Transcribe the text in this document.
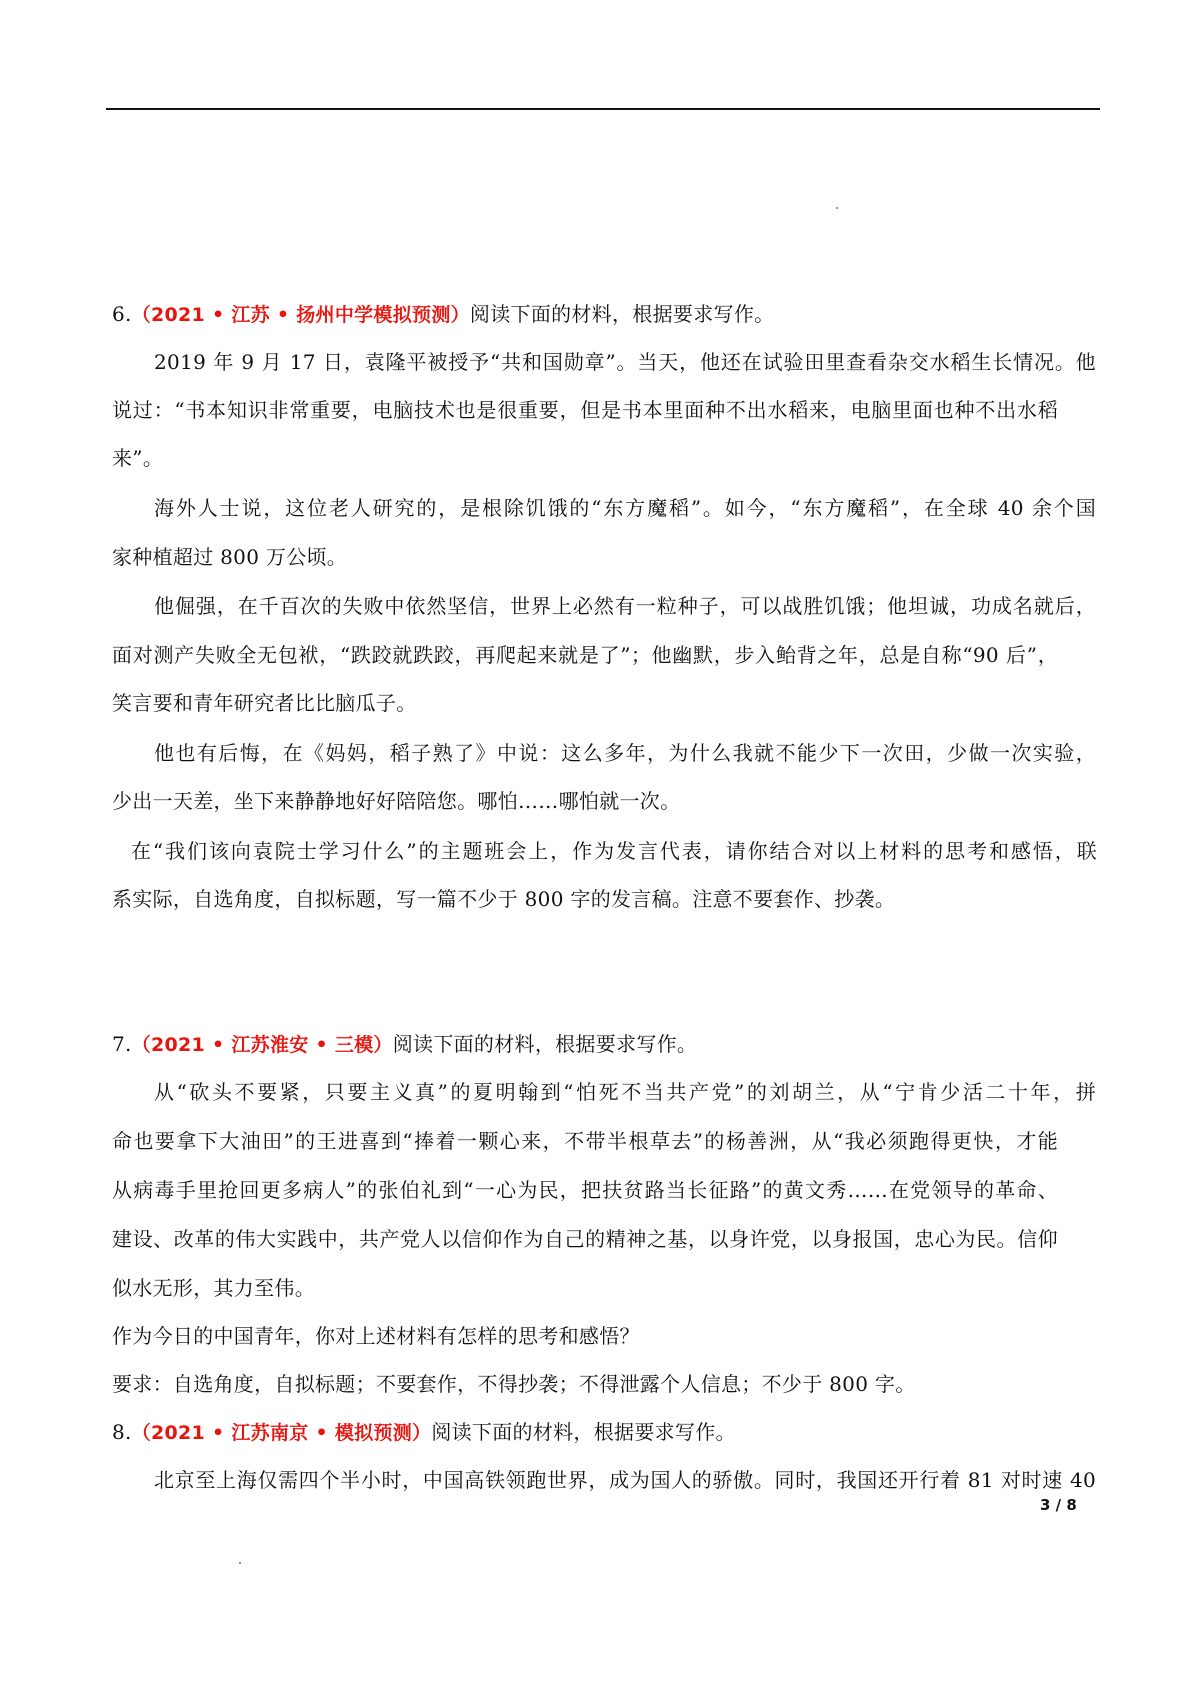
6.（2021 • 江苏 • 扬州中学模拟预测）阅读下面的材料，根据要求写作。
2019 年 9 月 17 日，袁隆平被授予“共和国勋章”。当天，他还在试验田里查看杂交水稻生长情况。他
说过：“书本知识非常重要，电脑技术也是很重要，但是书本里面种不出水稻来，电脑里面也种不出水稻
来”。
海外人士说，这位老人研究的，是根除饥饿的“东方魔稻”。如今，“东方魔稻”，在全球 40 余个国
家种植超过 800 万公顷。
他倔强，在千百次的失败中依然坚信，世界上必然有一粒种子，可以战胜饥饿；他坦诚，功成名就后，
面对测产失败全无包袱，“跌跤就跌跤，再爬起来就是了”；他幽默，步入鲐背之年，总是自称“90 后”，
笑言要和青年研究者比比脑瓜子。
他也有后悔，在《妈妈，稻子熟了》中说：这么多年，为什么我就不能少下一次田，少做一次实验，
少出一天差，坐下来静静地好好陪陪您。哪怕……哪怕就一次。
在“我们该向袁院士学习什么”的主题班会上，作为发言代表，请你结合对以上材料的思考和感悟，联
系实际，自选角度，自拟标题，写一篇不少于 800 字的发言稿。注意不要套作、抄袭。
7.（2021 • 江苏淮安 • 三模）阅读下面的材料，根据要求写作。
从“砍头不要紧，只要主义真”的夏明翰到“怕死不当共产党”的刘胡兰，从“宁肯少活二十年，拼
命也要拿下大油田”的王进喜到“捧着一颗心来，不带半根草去”的杨善洲，从“我必须跑得更快，才能
从病毒手里抢回更多病人”的张伯礼到“一心为民，把扶贫路当长征路”的黄文秀……在党领导的革命、
建设、改革的伟大实践中，共产党人以信仰作为自己的精神之基，以身许党，以身报国，忠心为民。信仰
似水无形，其力至伟。
作为今日的中国青年，你对上述材料有怎样的思考和感悟？
要求：自选角度，自拟标题；不要套作，不得抄袭；不得泄露个人信息；不少于 800 字。
8.（2021 • 江苏南京 • 模拟预测）阅读下面的材料，根据要求写作。
北京至上海仅需四个半小时，中国高铁领跑世界，成为国人的骄傲。同时，我国还开行着 81 对时速 40
3 / 8
